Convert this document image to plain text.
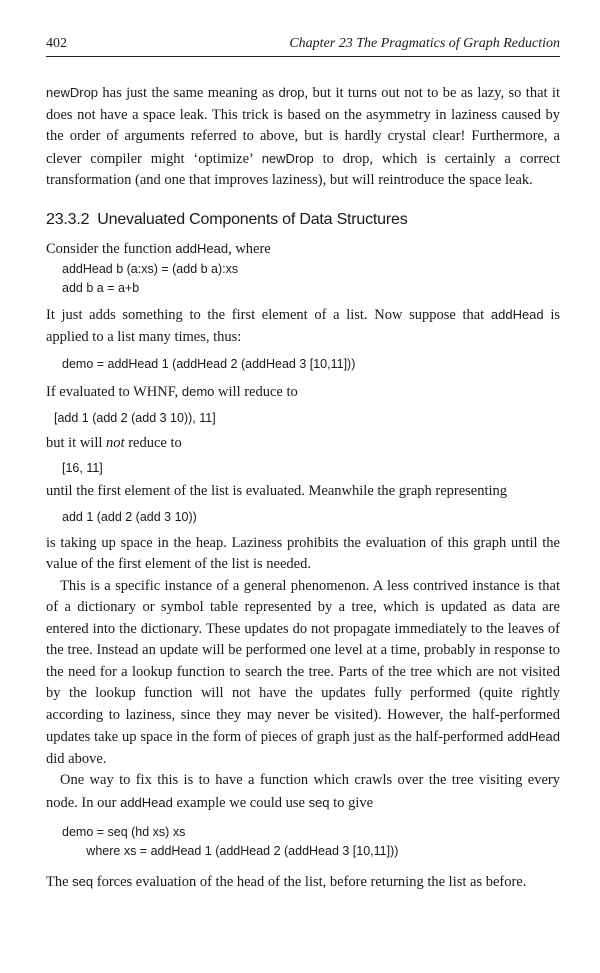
402	Chapter 23 The Pragmatics of Graph Reduction

newDrop has just the same meaning as drop, but it turns out not to be as lazy, so that it does not have a space leak. This trick is based on the asymmetry in laziness caused by the order of arguments referred to above, but is hardly crystal clear! Furthermore, a clever compiler might ‘optimize’ newDrop to drop, which is certainly a correct transformation (and one that improves laziness), but will reintroduce the space leak.

23.3.2 Unevaluated Components of Data Structures

Consider the function addHead, where

addHead b (a:xs) = (add b a):xs
add b a = a+b

It just adds something to the first element of a list. Now suppose that addHead is applied to a list many times, thus:

demo = addHead 1 (addHead 2 (addHead 3 [10,11]))

If evaluated to WHNF, demo will reduce to

[add 1 (add 2 (add 3 10)), 11]

but it will not reduce to

[16, 11]

until the first element of the list is evaluated. Meanwhile the graph representing

add 1 (add 2 (add 3 10))

is taking up space in the heap. Laziness prohibits the evaluation of this graph until the value of the first element of the list is needed.

This is a specific instance of a general phenomenon. A less contrived instance is that of a dictionary or symbol table represented by a tree, which is updated as data are entered into the dictionary. These updates do not propagate immediately to the leaves of the tree. Instead an update will be performed one level at a time, probably in response to the need for a lookup function to search the tree. Parts of the tree which are not visited by the lookup function will not have the updates fully performed (quite rightly according to laziness, since they may never be visited). However, the half-performed updates take up space in the form of pieces of graph just as the half-performed addHead did above.

One way to fix this is to have a function which crawls over the tree visiting every node. In our addHead example we could use seq to give

demo = seq (hd xs) xs
where xs = addHead 1 (addHead 2 (addHead 3 [10,11]))

The seq forces evaluation of the head of the list, before returning the list as before.
